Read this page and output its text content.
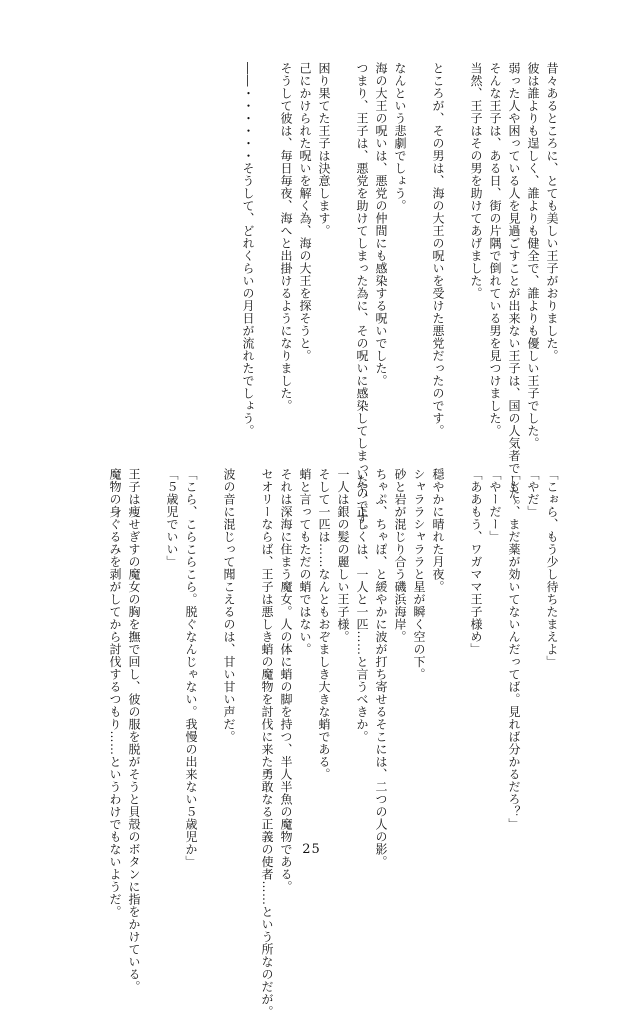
昔々あるところに、とても美しい王子がおりました。

彼は誰よりも逞しく、誰よりも健全で、誰よりも優しい王子でした。

弱った人や困っている人を見過ごすことが出来ない王子は、国の人気者でした。

そんな王子は、ある日、街の片隅で倒れている男を見つけました。

当然、王子はその男を助けてあげました。

ところが、その男は、海の大王の呪いを受けた悪党だったのです。

なんという悲劇でしょう。

海の大王の呪いは、悪党の仲間にも感染する呪いでした。

つまり、王子は、悪党を助けてしまった為に、その呪いに感染してしまったのです。

困り果てた王子は決意します。

己にかけられた呪いを解く為、海の大王を探そうと。

そうして彼は、毎日毎夜、海へと出掛けるようになりました。

――・・・・・・そうして、どれくらいの月日が流れたでしょう。

「こぉら、もう少し待ちたまえよ」

「やだ」

「も～、まだ薬が効いてないんだってば。見れば分かるだろ？」

「やーだー」

「ああもう、ワガママ王子様め」

穏やかに晴れた月夜。

シャララシャララと星が瞬く空の下。

砂と岩が混じり合う磯浜海岸。

ちゃぷ、ちゃぽ、と緩やかに波が打ち寄せるそこには、二つの人の影。

いや、正しくは、一人と一匹……と言うべきか。

一人は銀の髪の麗しい王子様。

そして一匹は……なんともおぞましき大きな蛸である。

蛸と言ってもただの蛸ではない。

それは深海に住まう魔女。人の体に蛸の脚を持つ、半人半魚の魔物である。

セオリーならば、王子は悪しき蛸の魔物を討伐に来た勇敢なる正義の使者……という所なのだが。

波の音に混じって聞こえるのは、甘い甘い声だ。

「こら、こらこらこら。脱ぐなんじゃない。我慢の出来ない５歳児か」

「５歳児でいい」

王子は痩せぎすの魔女の胸を撫で回し、彼の服を脱がそうと貝殻のボタンに指をかけている。

魔物の身ぐるみを剥がしてから討伐するつもり……というわけでもないようだ。	25
